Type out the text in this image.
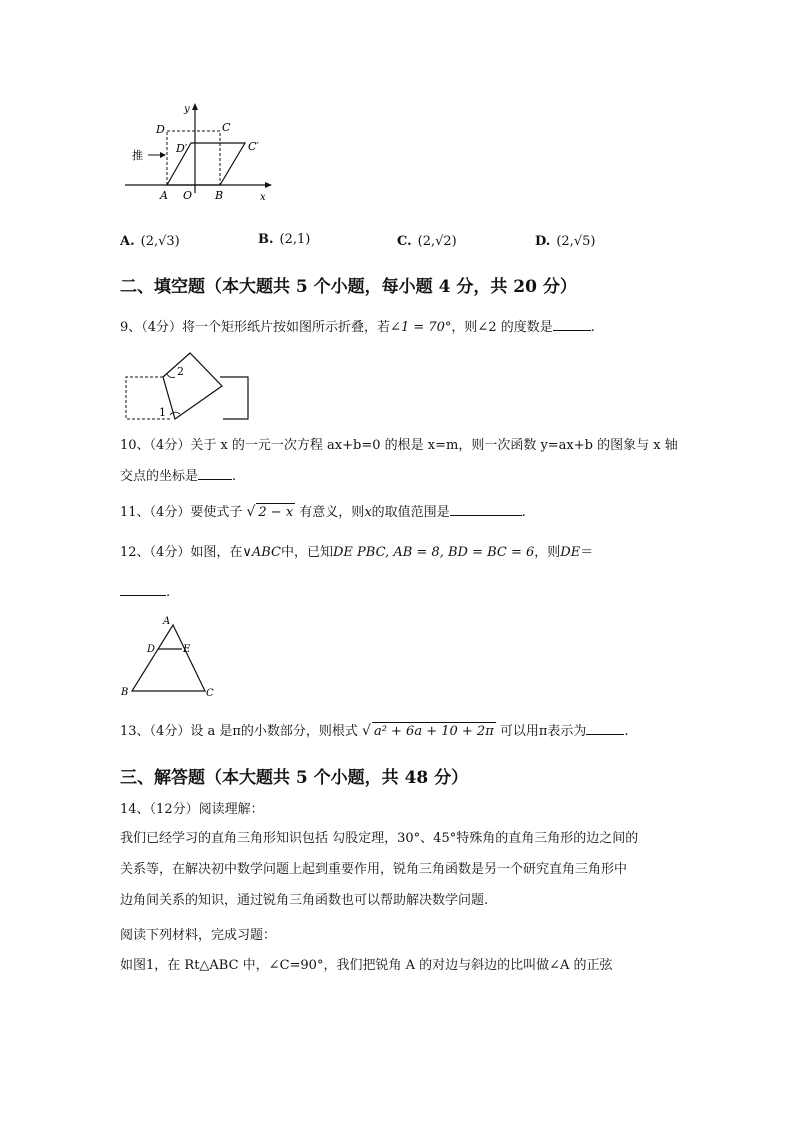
y
x
D	C
D′	C′
推
A O B
A. (2,√3)	B. (2,1)	C. (2,√2)	D. (2,√5)
二、填空题（本大题共 5 个小题，每小题 4 分，共 20 分）
9、（4分）将一个矩形纸片按如图所示折叠，若∠1 = 70°，则∠2 的度数是	.
1
2
10、（4分）关于 x 的一元一次方程 ax+b=0 的根是 x=m，则一次函数 y=ax+b 的图象与 x 轴
交点的坐标是	.
11、（4分）要使式子 √ 2 − x 有意义，则x的取值范围是	.
12、（4分）如图，在∨ABC中，已知DE PBC, AB = 8, BD = BC = 6，则DE＝
.
A
D	E
B	C
13、（4分）设 a 是π的小数部分，则根式 √ a² + 6a + 10 + 2π 可以用π表示为	.
三、解答题（本大题共 5 个小题，共 48 分）
14、（12分）阅读理解：
我们已经学习的直角三角形知识包括 勾股定理，30°、45°特殊角的直角三角形的边之间的
关系等，在解决初中数学问题上起到重要作用，锐角三角函数是另一个研究直角三角形中
边角间关系的知识，通过锐角三角函数也可以帮助解决数学问题.
阅读下列材料，完成习题：
如图1，在 Rt△ABC 中，∠C=90°，我们把锐角 A 的对边与斜边的比叫做∠A 的正弦
